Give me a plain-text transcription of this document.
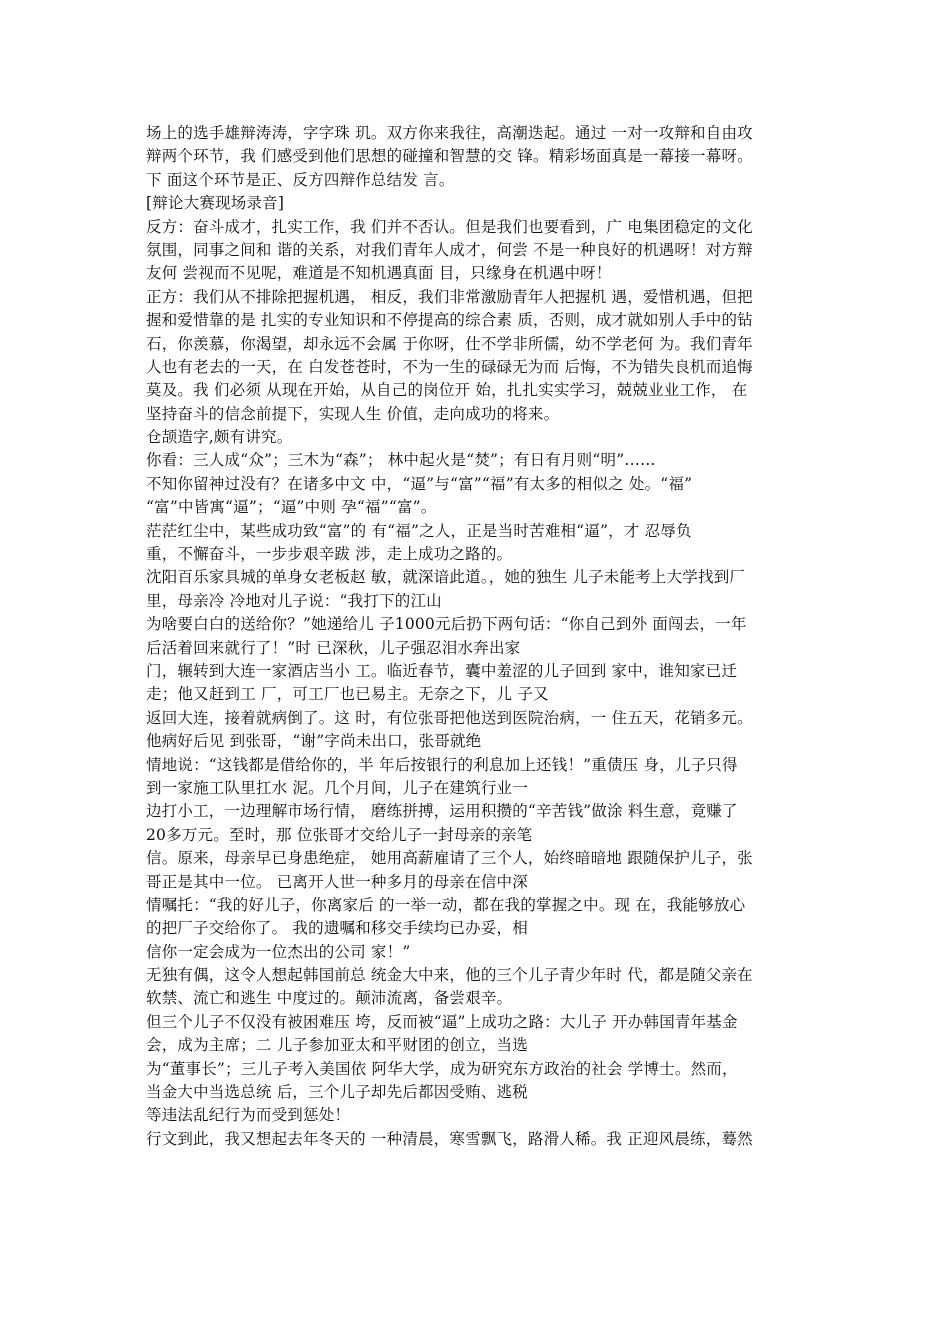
场上的选手雄辩涛涛，字字珠 玑。双方你来我往，高潮迭起。通过 一对一攻辩和自由攻
辩两个环节，我 们感受到他们思想的碰撞和智慧的交 锋。精彩场面真是一幕接一幕呀。
下 面这个环节是正、反方四辩作总结发 言。
[辩论大赛现场录音]
反方：奋斗成才，扎实工作，我 们并不否认。但是我们也要看到，广 电集团稳定的文化
氛围，同事之间和 谐的关系，对我们青年人成才，何尝 不是一种良好的机遇呀！对方辩
友何 尝视而不见呢，难道是不知机遇真面 目，只缘身在机遇中呀！
正方：我们从不排除把握机遇， 相反，我们非常激励青年人把握机 遇，爱惜机遇，但把
握和爱惜靠的是 扎实的专业知识和不停提高的综合素 质，否则，成才就如别人手中的钻
石，你羡慕，你渴望，却永远不会属 于你呀，仕不学非所儒，幼不学老何 为。我们青年
人也有老去的一天，在 白发苍苍时，不为一生的碌碌无为而 后悔，不为错失良机而追悔
莫及。我 们必须 从现在开始，从自己的岗位开 始，扎扎实实学习，兢兢业业工作， 在
坚持奋斗的信念前提下，实现人生 价值，走向成功的将来。
仓颉造字,颇有讲究。
你看：三人成“众”；三木为“森”； 林中起火是“焚”；有日有月则“明”……
不知你留神过没有？在诸多中文 中，“逼”与“富”“福”有太多的相似之 处。“福”
“富”中皆寓“逼”；“逼”中则 孕“福”“富”。
茫茫红尘中，某些成功致“富”的 有“福”之人，正是当时苦难相“逼”，才 忍辱负
重，不懈奋斗，一步步艰辛跋 涉，走上成功之路的。
沈阳百乐家具城的单身女老板赵 敏，就深谙此道。，她的独生 儿子未能考上大学找到厂
里，母亲冷 冷地对儿子说：“我打下的江山
为啥要白白的送给你？”她递给儿 子1000元后扔下两句话：“你自己到外 面闯去，一年
后活着回来就行了！”时 已深秋，儿子强忍泪水奔出家
门，辗转到大连一家酒店当小 工。临近春节，囊中羞涩的儿子回到 家中，谁知家已迁
走；他又赶到工 厂，可工厂也已易主。无奈之下，儿 子又
返回大连，接着就病倒了。这 时，有位张哥把他送到医院治病，一 住五天，花销多元。
他病好后见 到张哥，“谢”字尚未出口，张哥就绝
情地说：“这钱都是借给你的，半 年后按银行的利息加上还钱！”重债压 身，儿子只得
到一家施工队里扛水 泥。几个月间，儿子在建筑行业一
边打小工，一边理解市场行情， 磨练拼搏，运用积攒的“辛苦钱”做涂 料生意，竟赚了
20多万元。至时，那 位张哥才交给儿子一封母亲的亲笔
信。原来，母亲早已身患绝症， 她用高薪雇请了三个人，始终暗暗地 跟随保护儿子，张
哥正是其中一位。 已离开人世一种多月的母亲在信中深
情嘱托：“我的好儿子，你离家后 的一举一动，都在我的掌握之中。现 在，我能够放心
的把厂子交给你了。 我的遗嘱和移交手续均已办妥，相
信你一定会成为一位杰出的公司 家！”
无独有偶，这令人想起韩国前总 统金大中来，他的三个儿子青少年时 代，都是随父亲在
软禁、流亡和逃生 中度过的。颠沛流离，备尝艰辛。
但三个儿子不仅没有被困难压 垮，反而被“逼”上成功之路：大儿子 开办韩国青年基金
会，成为主席；二 儿子参加亚太和平财团的创立，当选
为“董事长”；三儿子考入美国依 阿华大学，成为研究东方政治的社会 学博士。然而，
当金大中当选总统 后，三个儿子却先后都因受贿、逃税
等违法乱纪行为而受到惩处！
行文到此，我又想起去年冬天的 一种清晨，寒雪飘飞，路滑人稀。我 正迎风晨练，蓦然
